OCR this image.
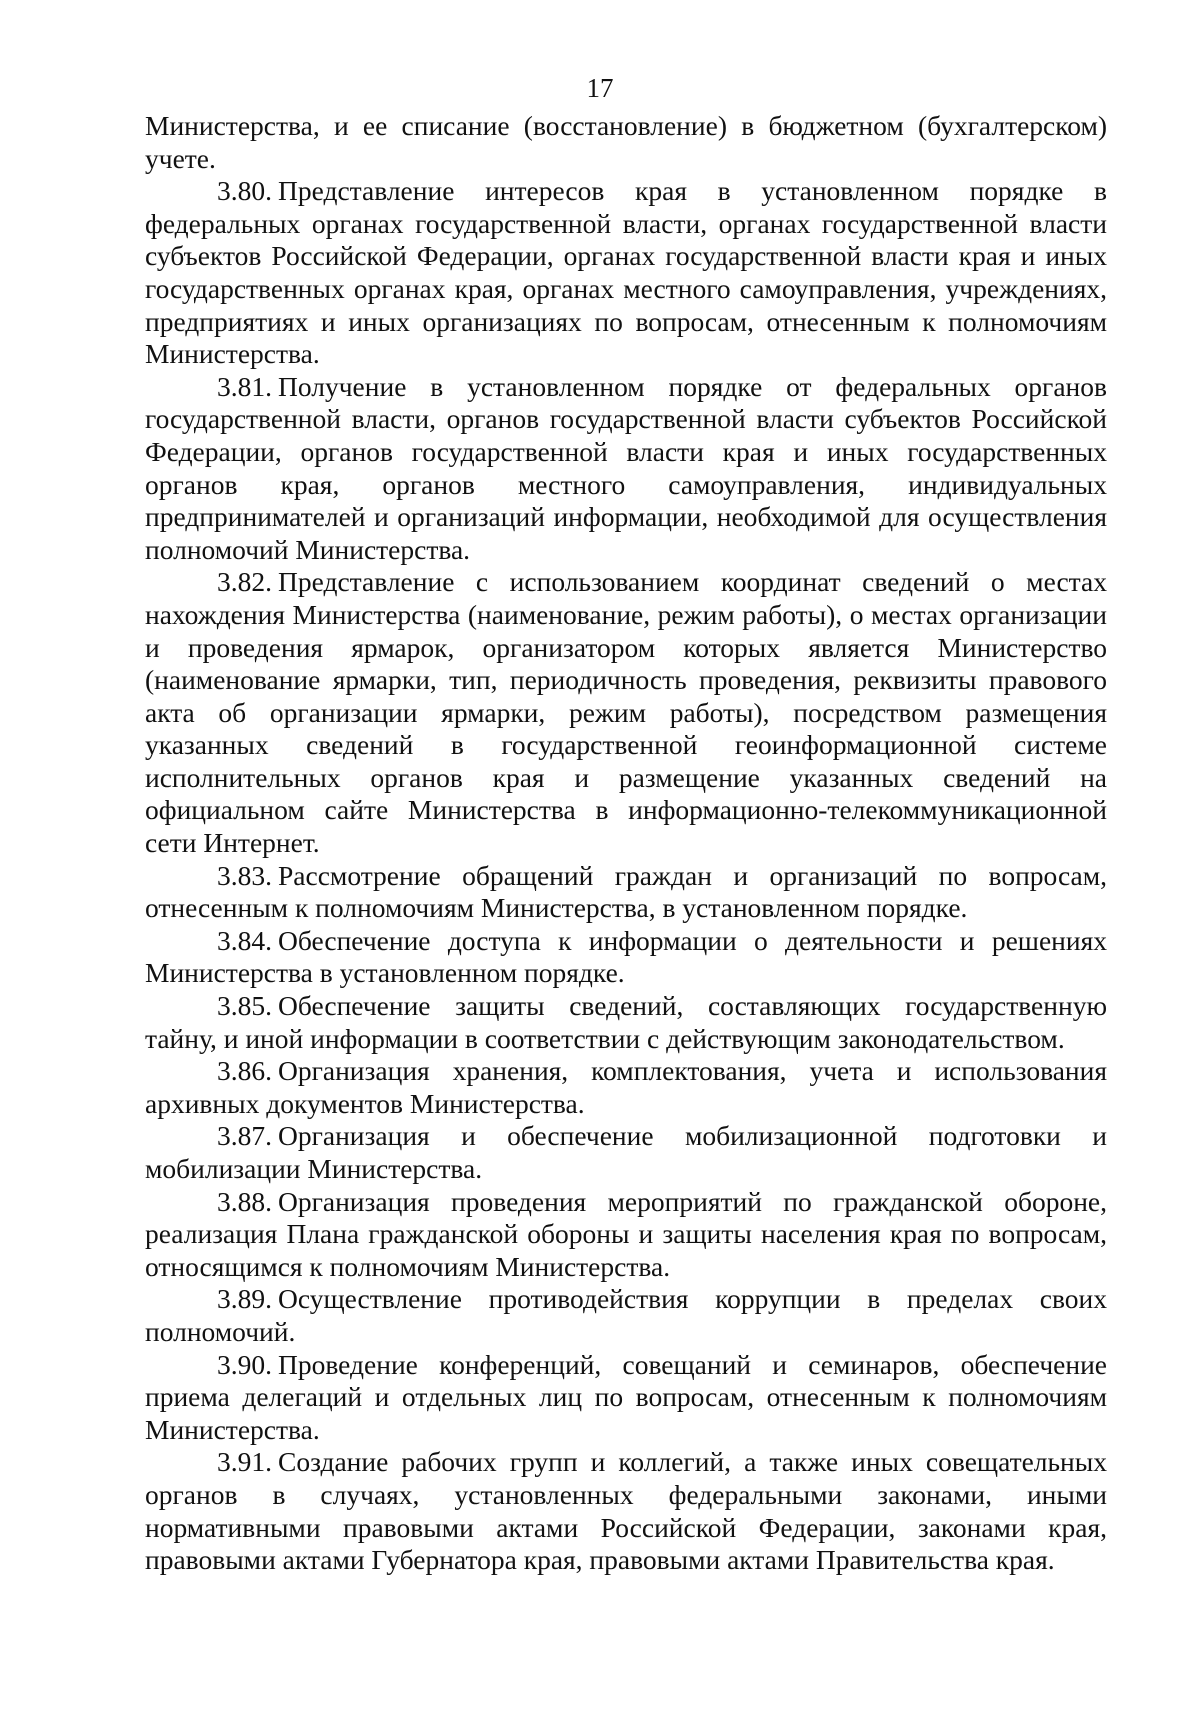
17

Министерства, и ее списание (восстановление) в бюджетном (бухгалтерском) учете.

3.80. Представление интересов края в установленном порядке в федеральных органах государственной власти, органах государственной власти субъектов Российской Федерации, органах государственной власти края и иных государственных органах края, органах местного самоуправления, учреждениях, предприятиях и иных организациях по вопросам, отнесенным к полномочиям Министерства.

3.81. Получение в установленном порядке от федеральных органов государственной власти, органов государственной власти субъектов Российской Федерации, органов государственной власти края и иных государственных органов края, органов местного самоуправления, индивидуальных предпринимателей и организаций информации, необходимой для осуществления полномочий Министерства.

3.82. Представление с использованием координат сведений о местах нахождения Министерства (наименование, режим работы), о местах организации и проведения ярмарок, организатором которых является Министерство (наименование ярмарки, тип, периодичность проведения, реквизиты правового акта об организации ярмарки, режим работы), посредством размещения указанных сведений в государственной геоинформационной системе исполнительных органов края и размещение указанных сведений на официальном сайте Министерства в информационно-телекоммуникационной сети Интернет.

3.83. Рассмотрение обращений граждан и организаций по вопросам, отнесенным к полномочиям Министерства, в установленном порядке.

3.84. Обеспечение доступа к информации о деятельности и решениях Министерства в установленном порядке.

3.85. Обеспечение защиты сведений, составляющих государственную тайну, и иной информации в соответствии с действующим законодательством.

3.86. Организация хранения, комплектования, учета и использования архивных документов Министерства.

3.87. Организация и обеспечение мобилизационной подготовки и мобилизации Министерства.

3.88. Организация проведения мероприятий по гражданской обороне, реализация Плана гражданской обороны и защиты населения края по вопросам, относящимся к полномочиям Министерства.

3.89. Осуществление противодействия коррупции в пределах своих полномочий.

3.90. Проведение конференций, совещаний и семинаров, обеспечение приема делегаций и отдельных лиц по вопросам, отнесенным к полномочиям Министерства.

3.91. Создание рабочих групп и коллегий, а также иных совещательных органов в случаях, установленных федеральными законами, иными нормативными правовыми актами Российской Федерации, законами края, правовыми актами Губернатора края, правовыми актами Правительства края.
